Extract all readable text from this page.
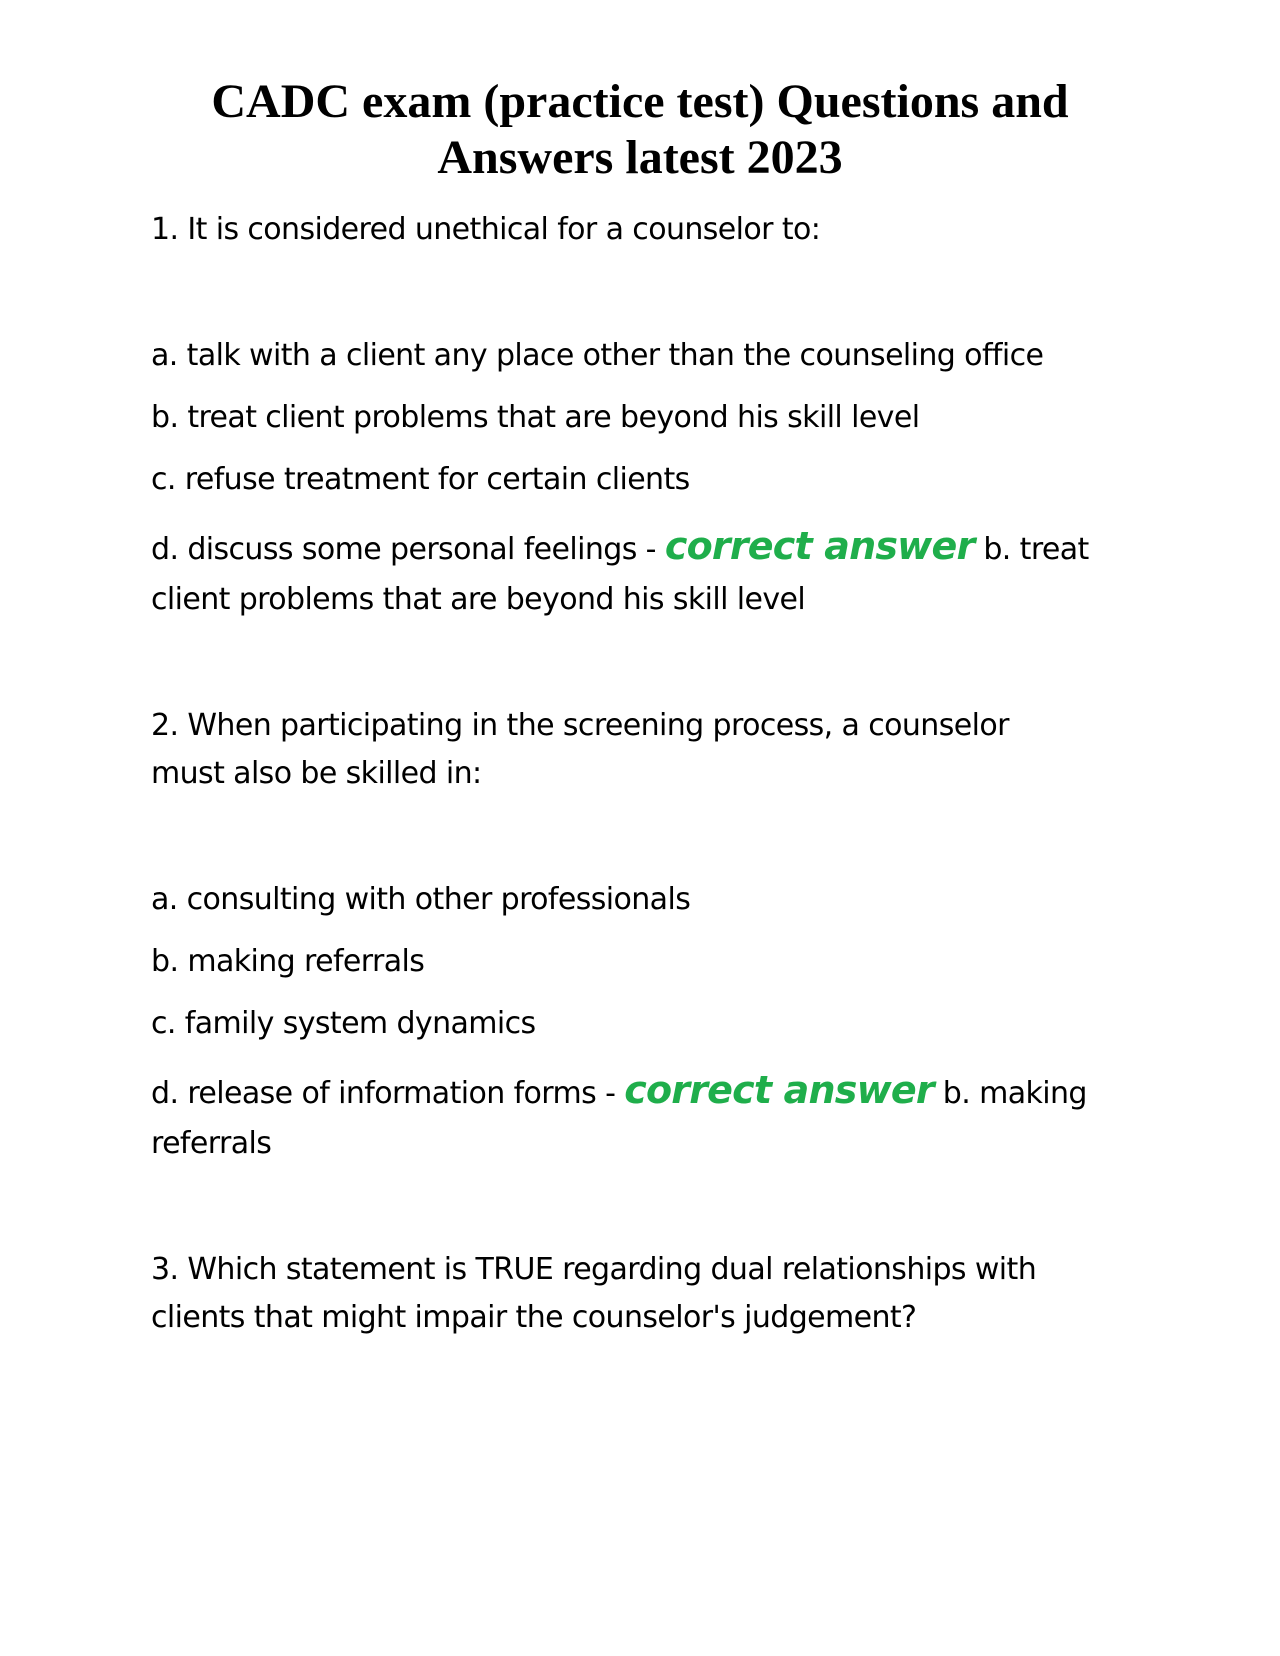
CADC exam (practice test) Questions and
Answers latest 2023

1. It is considered unethical for a counselor to:

a. talk with a client any place other than the counseling office

b. treat client problems that are beyond his skill level

c. refuse treatment for certain clients

d. discuss some personal feelings - correct answer b. treat

client problems that are beyond his skill level

2. When participating in the screening process, a counselor

must also be skilled in:

a. consulting with other professionals

b. making referrals

c. family system dynamics

d. release of information forms - correct answer b. making

referrals

3. Which statement is TRUE regarding dual relationships with

clients that might impair the counselor's judgement?
